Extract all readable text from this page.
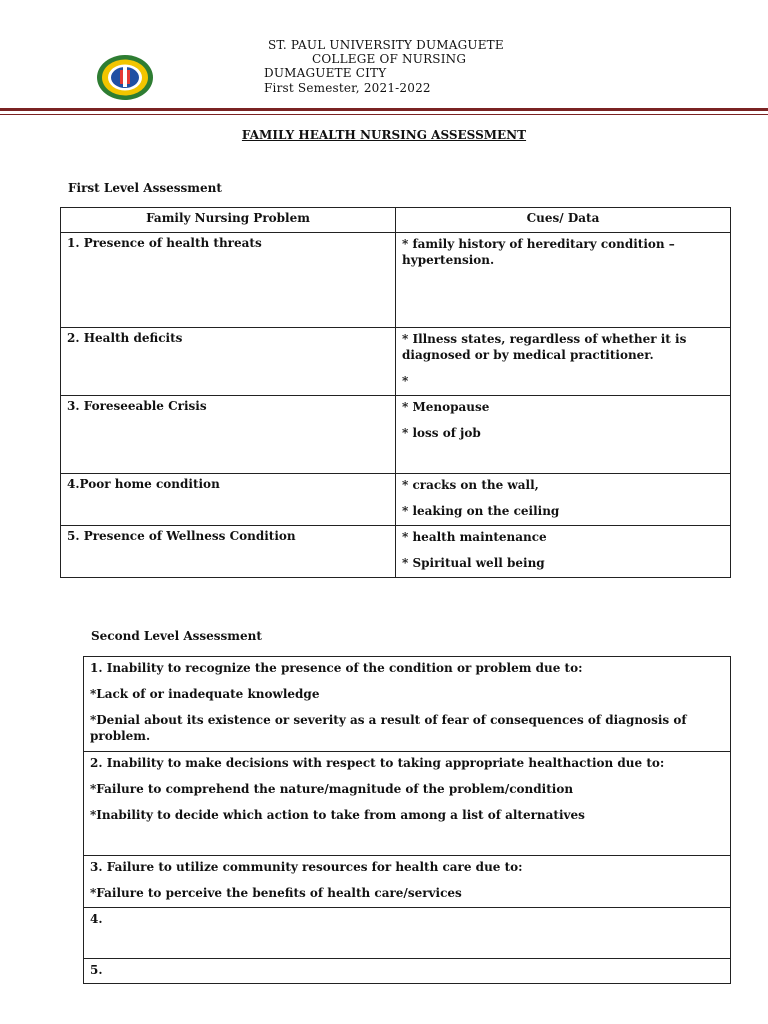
ST. PAUL UNIVERSITY DUMAGUETE
COLLEGE OF NURSING
DUMAGUETE CITY
First Semester, 2021-2022
FAMILY HEALTH NURSING ASSESSMENT
First Level Assessment
Family Nursing Problem	Cues/ Data
1. Presence of health threats	* family history of hereditary condition – hypertension.

2. Health deficits	* Illness states, regardless of whether it is diagnosed or by medical practitioner.

*

3. Foreseeable Crisis	* Menopause

* loss of job

4.Poor home condition	* cracks on the wall,

* leaking on the ceiling

5. Presence of Wellness Condition	* health maintenance

* Spiritual well being

Second Level Assessment

1. Inability to recognize the presence of the condition or problem due to:

*Lack of or inadequate knowledge

*Denial about its existence or severity as a result of fear of consequences of diagnosis of problem.

2. Inability to make decisions with respect to taking appropriate healthaction due to:

*Failure to comprehend the nature/magnitude of the problem/condition

*Inability to decide which action to take from among a list of alternatives

3. Failure to utilize community resources for health care due to:

*Failure to perceive the benefits of health care/services

4.

5.
